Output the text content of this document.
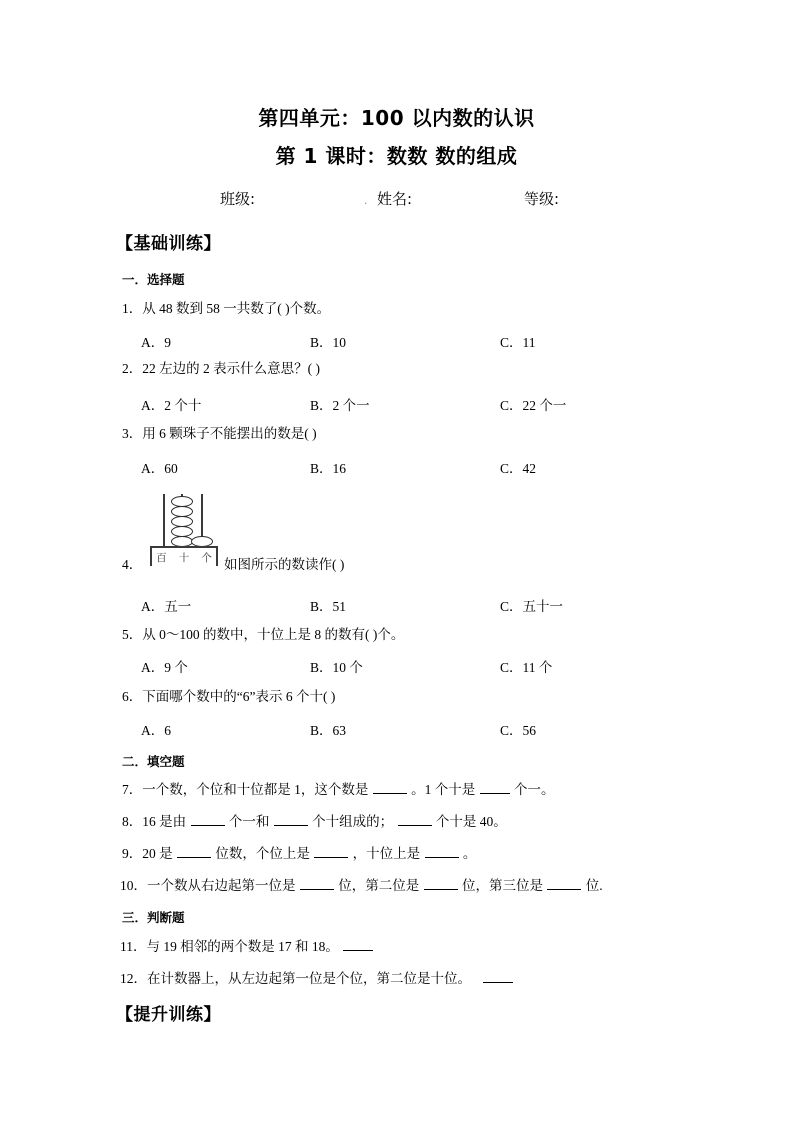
第四单元：100 以内数的认识
第 1 课时：数数 数的组成
班级:	. 姓名:	等级:
【基础训练】
一．选择题
1．从 48 数到 58 一共数了( )个数。
A．9	B．10	C．11
2．22 左边的 2 表示什么意思？( )
A．2 个十	B．2 个一	C．22 个一
3．用 6 颗珠子不能摆出的数是( )
A．60	B．16	C．42
百 十 个
4．	如图所示的数读作( )
A．五一	B．51	C．五十一
5．从 0～100 的数中，十位上是 8 的数有( )个。
A．9 个	B．10 个	C．11 个
6．下面哪个数中的“6”表示 6 个十( )
A．6	B．63	C．56
二．填空题
7．一个数，个位和十位都是 1，这个数是	。1 个十是	个一。
8．16 是由	个一和	个十组成的；	个十是 40。
9．20 是	位数，个位上是	，十位上是	。
10．一个数从右边起第一位是	位，第二位是	位，第三位是	位.
三．判断题
11．与 19 相邻的两个数是 17 和 18。
12．在计数器上，从左边起第一位是个位，第二位是十位。
【提升训练】
